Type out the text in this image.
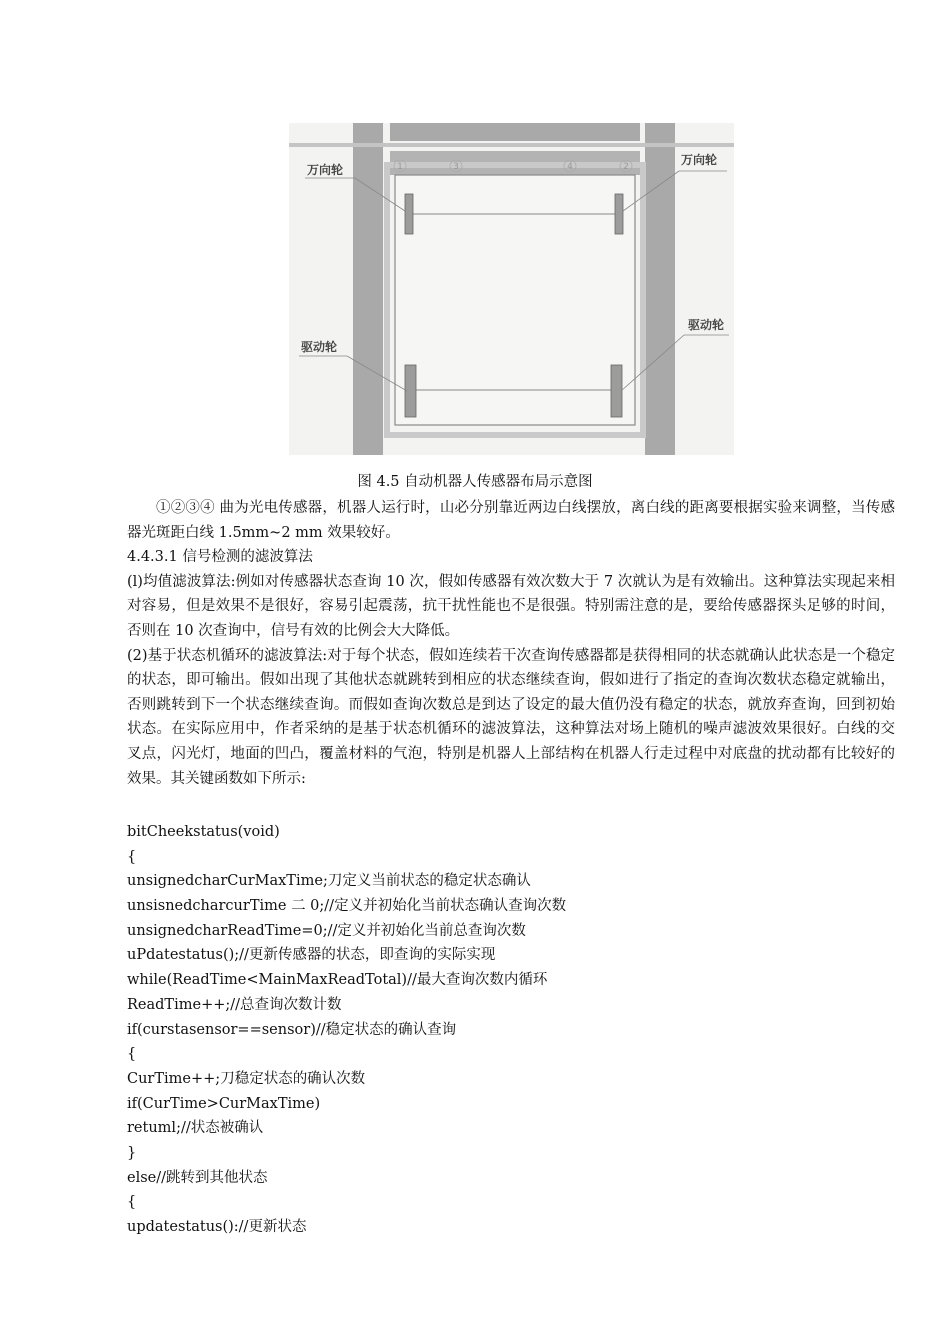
1	3	4	2
万向轮
万向轮
驱动轮
驱动轮
图 4.5 自动机器人传感器布局示意图

①②③④ 曲为光电传感器，机器人运行时，山必分别靠近两边白线摆放，离白线的距离要根据实验来调整，当传感器光斑距白线 1.5mm~2 mm 效果较好。

4.4.3.1 信号检测的滤波算法

(l)均值滤波算法:例如对传感器状态查询 10 次，假如传感器有效次数大于 7 次就认为是有效输出。这种算法实现起来相对容易，但是效果不是很好，容易引起震荡，抗干扰性能也不是很强。特别需注意的是，要给传感器探头足够的时间，否则在 10 次查询中，信号有效的比例会大大降低。

(2)基于状态机循环的滤波算法:对于每个状态，假如连续若干次查询传感器都是获得相同的状态就确认此状态是一个稳定的状态，即可输出。假如出现了其他状态就跳转到相应的状态继续查询，假如进行了指定的查询次数状态稳定就输出，否则跳转到下一个状态继续查询。而假如查询次数总是到达了设定的最大值仍没有稳定的状态，就放弃查询，回到初始状态。在实际应用中，作者采纳的是基于状态机循环的滤波算法，这种算法对场上随机的噪声滤波效果很好。白线的交叉点，闪光灯，地面的凹凸，覆盖材料的气泡，特别是机器人上部结构在机器人行走过程中对底盘的扰动都有比较好的效果。其关键函数如下所示:

bitCheekstatus(void)
{
unsignedcharCurMaxTime;刀定义当前状态的稳定状态确认
unsisnedcharcurTime 二 0;//定义并初始化当前状态确认查询次数
unsignedcharReadTime=0;//定义并初始化当前总查询次数
uPdatestatus();//更新传感器的状态，即查询的实际实现
while(ReadTime<MainMaxReadTotal)//最大查询次数内循环
ReadTime++;//总查询次数计数
if(curstasensor==sensor)//稳定状态的确认查询
{
CurTime++;刀稳定状态的确认次数
if(CurTime>CurMaxTime)
retuml;//状态被确认
}
else//跳转到其他状态
{
updatestatus()://更新状态
